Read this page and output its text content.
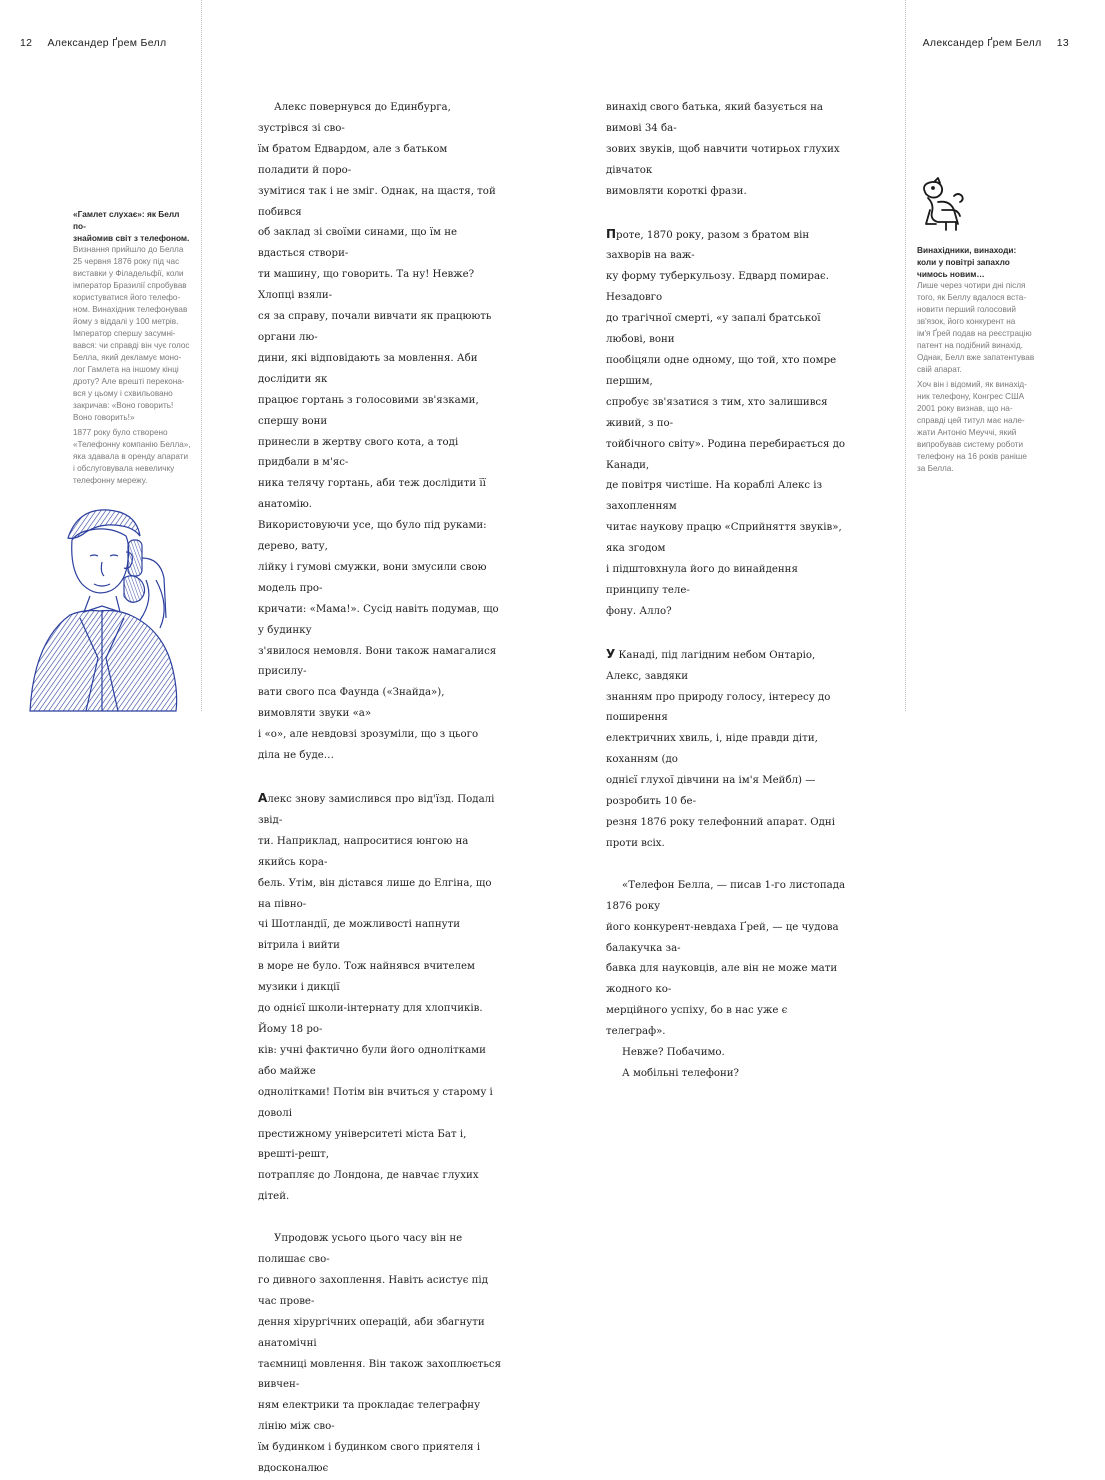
12 Александер Ґрем Белл	Александер Ґрем Белл 13
«Гамлет слухає»: як Белл по-
знайомив світ з телефоном.

Визнання прийшло до Белла
25 червня 1876 року під час
виставки у Філадельфії, коли
імператор Бразилії спробував
користуватися його телефо-
ном. Винахідник телефонував
йому з віддалі у 100 метрів.
Імператор спершу засумні-
вався: чи справді він чує голос
Белла, який декламує моно-
лог Гамлета на іншому кінці
дроту? Але врешті перекона-
вся у цьому і схвильовано
закричав: «Воно говорить!
Воно говорить!»

1877 року було створено
«Телефонну компанію Белла»,
яка здавала в оренду апарати
і обслуговувала невеличку
телефонну мережу.

Винахідники, винаходи:
коли у повітрі запахло
чимось новим…

Лише через чотири дні після
того, як Беллу вдалося вста-
новити перший голосовий
зв'язок, його конкурент на
ім'я Ґрей подав на реєстрацію
патент на подібний винахід.
Однак, Белл вже запатентував
свій апарат.

Хоч він і відомий, як винахід-
ник телефону, Конгрес США
2001 року визнав, що на-
справді цей титул має нале-
жати Антоніо Меуччі, який
випробував систему роботи
телефону на 16 років раніше
за Белла.

Алекс повернувся до Единбурга, зустрівся зі сво-
їм братом Едвардом, але з батьком поладити й поро-
зумітися так і не зміг. Однак, на щастя, той побився
об заклад зі своїми синами, що їм не вдасться створи-
ти машину, що говорить. Та ну! Невже? Хлопці взяли-
ся за справу, почали вивчати як працюють органи лю-
дини, які відповідають за мовлення. Аби дослідити як
працює гортань з голосовими зв'язками, спершу вони
принесли в жертву свого кота, а тоді придбали в м'яс-
ника телячу гортань, аби теж дослідити її анатомію.
Використовуючи усе, що було під руками: дерево, вату,
лійку і гумові смужки, вони змусили свою модель про-
кричати: «Мама!». Сусід навіть подумав, що у будинку
з'явилося немовля. Вони також намагалися присилу-
вати свого пса Фаунда («Знайда»), вимовляти звуки «а»
і «о», але невдовзі зрозуміли, що з цього діла не буде…
Алекс знову замислився про від'їзд. Подалі звід-
ти. Наприклад, напроситися юнгою на якийсь кора-
бель. Утім, він дістався лише до Елгіна, що на півно-
чі Шотландії, де можливості напнути вітрила і вийти
в море не було. Тож найнявся вчителем музики і дикції
до однієї школи-інтернату для хлопчиків. Йому 18 ро-
ків: учні фактично були його однолітками або майже
однолітками! Потім він вчиться у старому і доволі
престижному університеті міста Бат і, врешті-решт,
потрапляє до Лондона, де навчає глухих дітей.
Упродовж усього цього часу він не полишає сво-
го дивного захоплення. Навіть асистує під час прове-
дення хірургічних операцій, аби збагнути анатомічні
таємниці мовлення. Він також захоплюється вивчен-
ням електрики та прокладає телеграфну лінію між сво-
їм будинком і будинком свого приятеля і вдосконалює
винахід свого батька, який базується на вимові 34 ба-
зових звуків, щоб навчити чотирьох глухих дівчаток
вимовляти короткі фрази.
Проте, 1870 року, разом з братом він захворів на важ-
ку форму туберкульозу. Едвард помирає. Незадовго
до трагічної смерті, «у запалі братської любові, вони
пообіцяли одне одному, що той, хто помре першим,
спробує зв'язатися з тим, хто залишився живий, з по-
тойбічного світу». Родина перебирається до Канади,
де повітря чистіше. На кораблі Алекс із захопленням
читає наукову працю «Сприйняття звуків», яка згодом
і підштовхнула його до винайдення принципу теле-
фону. Алло?
У Канаді, під лагідним небом Онтаріо, Алекс, завдяки
знанням про природу голосу, інтересу до поширення
електричних хвиль, і, ніде правди діти, коханням (до
однієї глухої дівчини на ім'я Мейбл) — розробить 10 бе-
резня 1876 року телефонний апарат. Одні проти всіх.
«Телефон Белла, — писав 1-го листопада 1876 року
його конкурент-невдаха Ґрей, — це чудова балакучка за-
бавка для науковців, але він не може мати жодного ко-
мерційного успіху, бо в нас уже є телеграф».
Невже? Побачимо.
А мобільні телефони?
